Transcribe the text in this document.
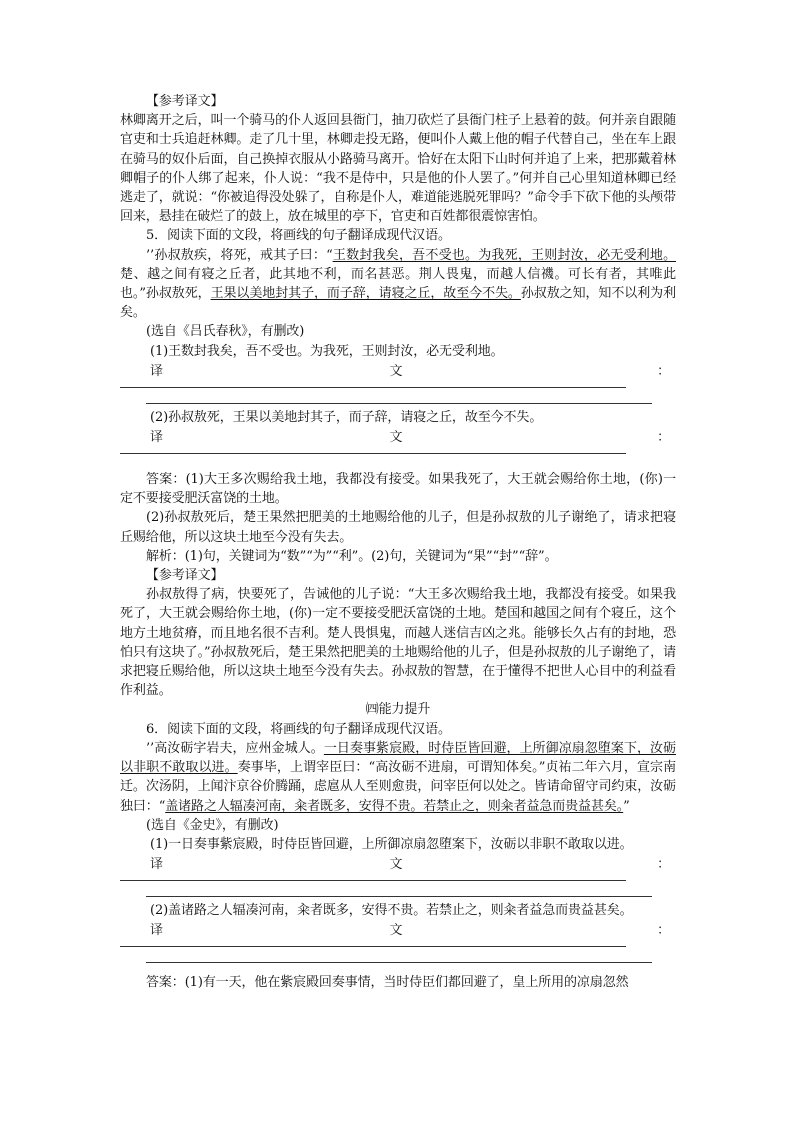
【参考译文】

林卿离开之后，叫一个骑马的仆人返回县衙门，抽刀砍烂了县衙门柱子上悬着的鼓。何并亲自跟随官吏和士兵追赶林卿。走了几十里，林卿走投无路，便叫仆人戴上他的帽子代替自己，坐在车上跟在骑马的奴仆后面，自己换掉衣服从小路骑马离开。恰好在太阳下山时何并追了上来，把那戴着林卿帽子的仆人绑了起来，仆人说：“我不是侍中，只是他的仆人罢了。”何并自己心里知道林卿已经逃走了，就说：“你被追得没处躲了，自称是仆人，难道能逃脱死罪吗？”命令手下砍下他的头颅带回来，悬挂在破烂了的鼓上，放在城里的亭下，官吏和百姓都很震惊害怕。

5．阅读下面的文段，将画线的句子翻译成现代汉语。

’’孙叔敖疾，将死，戒其子曰：“王数封我矣，吾不受也。为我死，王则封汝，必无受利地。楚、越之间有寝之丘者，此其地不利，而名甚恶。荆人畏鬼，而越人信禨。可长有者，其唯此也。”孙叔敖死，王果以美地封其子，而子辞，请寝之丘，故至今不失。孙叔敖之知，知不以利为利矣。

(选自《吕氏春秋》，有删改)

(1)王数封我矣，吾不受也。为我死，王则封汝，必无受利地。

译	文	：

(2)孙叔敖死，王果以美地封其子，而子辞，请寝之丘，故至今不失。

译	文	：

答案：(1)大王多次赐给我土地，我都没有接受。如果我死了，大王就会赐给你土地，(你)一定不要接受肥沃富饶的土地。

(2)孙叔敖死后，楚王果然把肥美的土地赐给他的儿子，但是孙叔敖的儿子谢绝了，请求把寝丘赐给他，所以这块土地至今没有失去。

解析：(1)句，关键词为“数”“为”“利”。(2)句，关键词为“果”“封”“辞”。

【参考译文】

孙叔敖得了病，快要死了，告诫他的儿子说：“大王多次赐给我土地，我都没有接受。如果我死了，大王就会赐给你土地，(你)一定不要接受肥沃富饶的土地。楚国和越国之间有个寝丘，这个地方土地贫瘠，而且地名很不吉利。楚人畏惧鬼，而越人迷信吉凶之兆。能够长久占有的封地，恐怕只有这块了。”孙叔敖死后，楚王果然把肥美的土地赐给他的儿子，但是孙叔敖的儿子谢绝了，请求把寝丘赐给他，所以这块土地至今没有失去。孙叔敖的智慧，在于懂得不把世人心目中的利益看作利益。

㈣能力提升

6．阅读下面的文段，将画线的句子翻译成现代汉语。

’’高汝砺字岩夫，应州金城人。一日奏事紫宸殿，时侍臣皆回避，上所御凉扇忽堕案下，汝砺以非职不敢取以进。奏事毕，上谓宰臣曰：“高汝砺不进扇，可谓知体矣。”贞祐二年六月，宣宗南迁。次汤阴，上闻汴京谷价腾踊，虑扈从人至则愈贵，问宰臣何以处之。皆请命留守司约束，汝砺独曰：“盖诸路之人辐凑河南，籴者既多，安得不贵。若禁止之，则籴者益急而贵益甚矣。”

(选自《金史》，有删改)

(1)一日奏事紫宸殿，时侍臣皆回避，上所御凉扇忽堕案下，汝砺以非职不敢取以进。

译	文	：

(2)盖诸路之人辐凑河南，籴者既多，安得不贵。若禁止之，则籴者益急而贵益甚矣。

译	文	：

答案：(1)有一天，他在紫宸殿回奏事情，当时侍臣们都回避了，皇上所用的凉扇忽然
